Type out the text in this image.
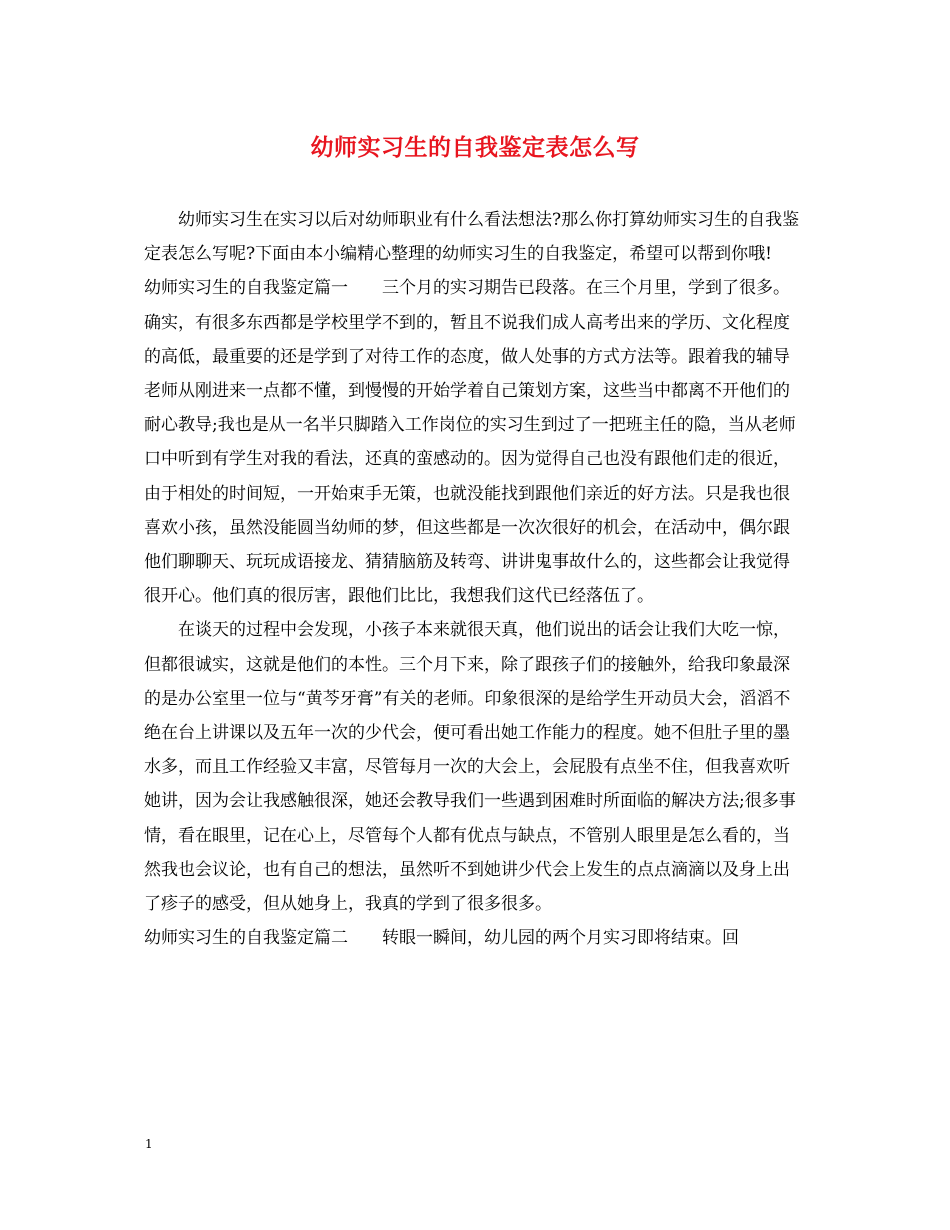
幼师实习生的自我鉴定表怎么写

幼师实习生在实习以后对幼师职业有什么看法想法?那么你打算幼师实习生的自我鉴定表怎么写呢?下面由本小编精心整理的幼师实习生的自我鉴定，希望可以帮到你哦!

幼师实习生的自我鉴定篇一　　三个月的实习期告已段落。在三个月里，学到了很多。确实，有很多东西都是学校里学不到的，暂且不说我们成人高考出来的学历、文化程度的高低，最重要的还是学到了对待工作的态度，做人处事的方式方法等。跟着我的辅导老师从刚进来一点都不懂，到慢慢的开始学着自己策划方案，这些当中都离不开他们的耐心教导;我也是从一名半只脚踏入工作岗位的实习生到过了一把班主任的隐，当从老师口中听到有学生对我的看法，还真的蛮感动的。因为觉得自己也没有跟他们走的很近，由于相处的时间短，一开始束手无策，也就没能找到跟他们亲近的好方法。只是我也很喜欢小孩，虽然没能圆当幼师的梦，但这些都是一次次很好的机会，在活动中，偶尔跟他们聊聊天、玩玩成语接龙、猜猜脑筋及转弯、讲讲鬼事故什么的，这些都会让我觉得很开心。他们真的很厉害，跟他们比比，我想我们这代已经落伍了。

在谈天的过程中会发现，小孩子本来就很天真，他们说出的话会让我们大吃一惊，但都很诚实，这就是他们的本性。三个月下来，除了跟孩子们的接触外，给我印象最深的是办公室里一位与“黄芩牙膏”有关的老师。印象很深的是给学生开动员大会，滔滔不绝在台上讲课以及五年一次的少代会，便可看出她工作能力的程度。她不但肚子里的墨水多，而且工作经验又丰富，尽管每月一次的大会上，会屁股有点坐不住，但我喜欢听她讲，因为会让我感触很深，她还会教导我们一些遇到困难时所面临的解决方法;很多事情，看在眼里，记在心上，尽管每个人都有优点与缺点，不管别人眼里是怎么看的，当然我也会议论，也有自己的想法，虽然听不到她讲少代会上发生的点点滴滴以及身上出了疹子的感受，但从她身上，我真的学到了很多很多。

幼师实习生的自我鉴定篇二　　转眼一瞬间，幼儿园的两个月实习即将结束。回

1
